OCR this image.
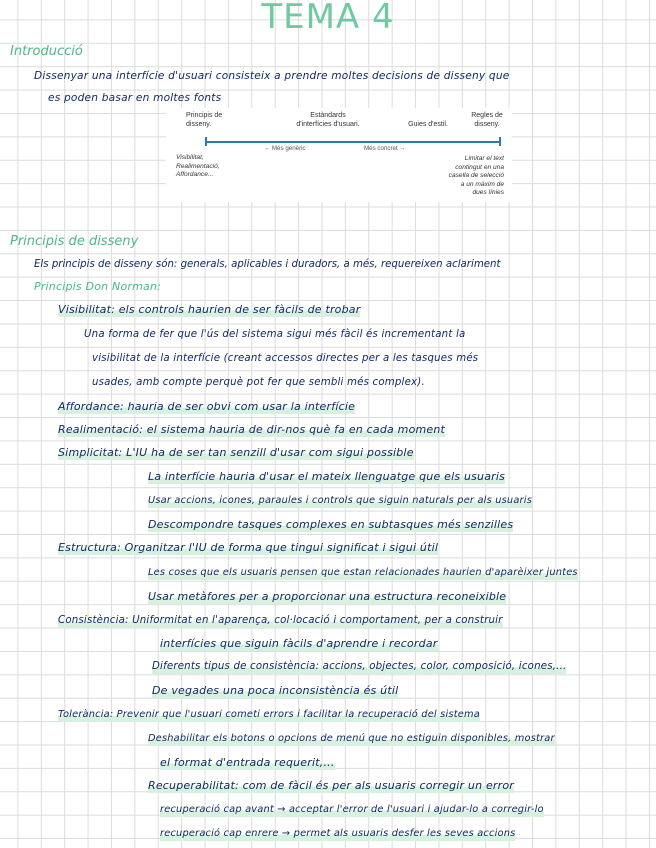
TEMA 4
Introducció
Dissenyar una interfície d'usuari consisteix a prendre moltes decisions de disseny que
es poden basar en moltes fonts
Principis de
disseny.
Estàndards
d'interfícies d'usuari.	Guies d'estil.
Regles de
disseny.
← Més genèric	Més concret →
Visibilitat,
Realimentació,
Affordance...
Limitar el text
contingut en una
casella de selecció
a un màxim de
dues línies
Principis de disseny
Els principis de disseny són: generals, aplicables i duradors, a més, requereixen aclariment
Principis Don Norman:
Visibilitat: els controls haurien de ser fàcils de trobar
Una forma de fer que l'ús del sistema sigui més fàcil és incrementant la
visibilitat de la interfície (creant accessos directes per a les tasques més
usades, amb compte perquè pot fer que sembli més complex).
Affordance: hauria de ser obvi com usar la interfície
Realimentació: el sistema hauria de dir-nos què fa en cada moment
Simplicitat: L'IU ha de ser tan senzill d'usar com sigui possible
La interfície hauria d'usar el mateix llenguatge que els usuaris
Usar accions, icones, paraules i controls que siguin naturals per als usuaris
Descompondre tasques complexes en subtasques més senzilles
Estructura: Organitzar l'IU de forma que tingui significat i sigui útil
Les coses que els usuaris pensen que estan relacionades haurien d'aparèixer juntes
Usar metàfores per a proporcionar una estructura reconeixible
Consistència: Uniformitat en l'aparença, col·locació i comportament, per a construir
interfícies que siguin fàcils d'aprendre i recordar
Diferents tipus de consistència: accions, objectes, color, composició, icones,...
De vegades una poca inconsistència és útil
Tolerància: Prevenir que l'usuari cometi errors i facilitar la recuperació del sistema
Deshabilitar els botons o opcions de menú que no estiguin disponibles, mostrar
el format d'entrada requerit,...
Recuperabilitat: com de fàcil és per als usuaris corregir un error
recuperació cap avant → acceptar l'error de l'usuari i ajudar-lo a corregir-lo
recuperació cap enrere → permet als usuaris desfer les seves accions
